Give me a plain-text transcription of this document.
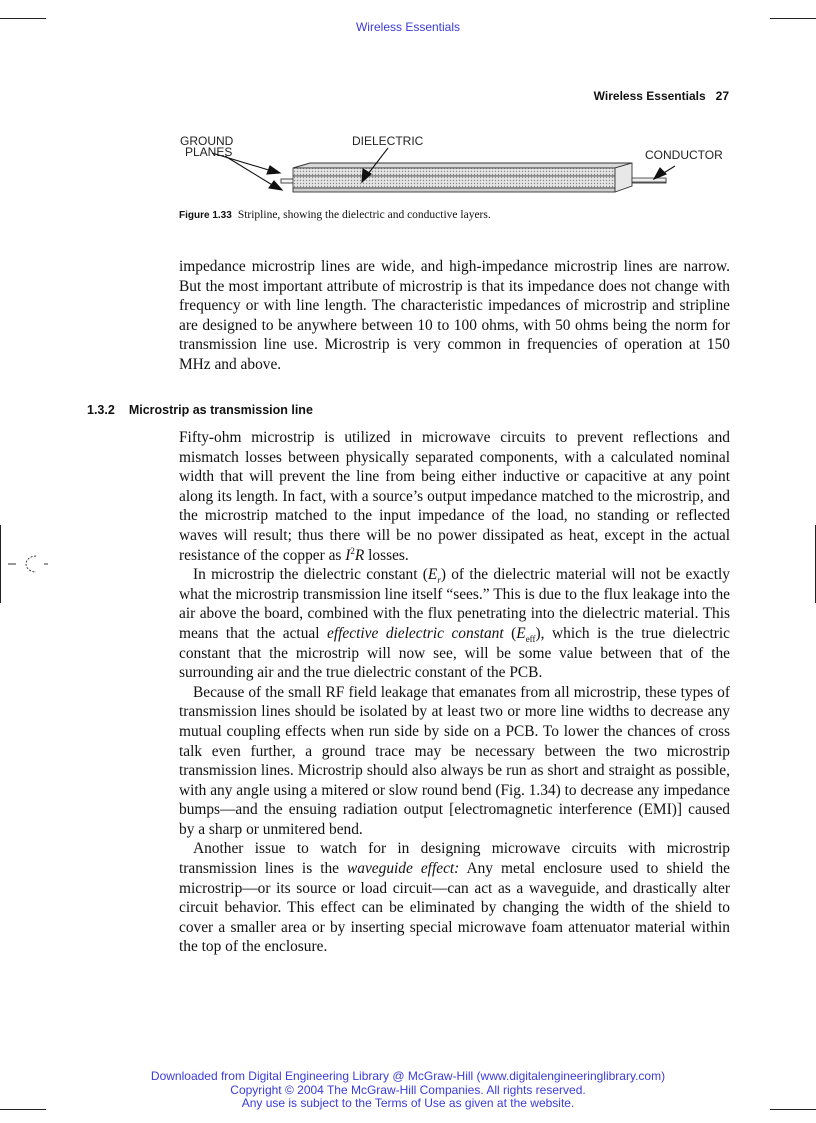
Wireless Essentials
Wireless Essentials 27
GROUND
PLANES
DIELECTRIC
CONDUCTOR
Figure 1.33 Stripline, showing the dielectric and conductive layers.

impedance microstrip lines are wide, and high-impedance microstrip lines are narrow. But the most important attribute of microstrip is that its impedance does not change with frequency or with line length. The characteristic impedances of microstrip and stripline are designed to be anywhere between 10 to 100 ohms, with 50 ohms being the norm for transmission line use. Microstrip is very common in frequencies of operation at 150 MHz and above.

1.3.2 Microstrip as transmission line

Fifty-ohm microstrip is utilized in microwave circuits to prevent reflections and mismatch losses between physically separated components, with a calculated nominal width that will prevent the line from being either inductive or capacitive at any point along its length. In fact, with a source’s output impedance matched to the microstrip, and the microstrip matched to the input impedance of the load, no standing or reflected waves will result; thus there will be no power dissipated as heat, except in the actual resistance of the copper as $I^2R$ losses.

In microstrip the dielectric constant $(E_r)$ of the dielectric material will not be exactly what the microstrip transmission line itself “sees.” This is due to the flux leakage into the air above the board, combined with the flux penetrating into the dielectric material. This means that the actual effective dielectric constant $(E_{eff})$, which is the true dielectric constant that the microstrip will now see, will be some value between that of the surrounding air and the true dielectric constant of the PCB.

Because of the small RF field leakage that emanates from all microstrip, these types of transmission lines should be isolated by at least two or more line widths to decrease any mutual coupling effects when run side by side on a PCB. To lower the chances of cross talk even further, a ground trace may be necessary between the two microstrip transmission lines. Microstrip should also always be run as short and straight as possible, with any angle using a mitered or slow round bend (Fig. 1.34) to decrease any impedance bumps—and the ensuing radiation output [electromagnetic interference (EMI)] caused by a sharp or unmitered bend.

Another issue to watch for in designing microwave circuits with microstrip transmission lines is the waveguide effect: Any metal enclosure used to shield the microstrip—or its source or load circuit—can act as a waveguide, and drastically alter circuit behavior. This effect can be eliminated by changing the width of the shield to cover a smaller area or by inserting special microwave foam attenuator material within the top of the enclosure.

Downloaded from Digital Engineering Library @ McGraw-Hill (www.digitalengineeringlibrary.com)
Copyright © 2004 The McGraw-Hill Companies. All rights reserved.
Any use is subject to the Terms of Use as given at the website.
